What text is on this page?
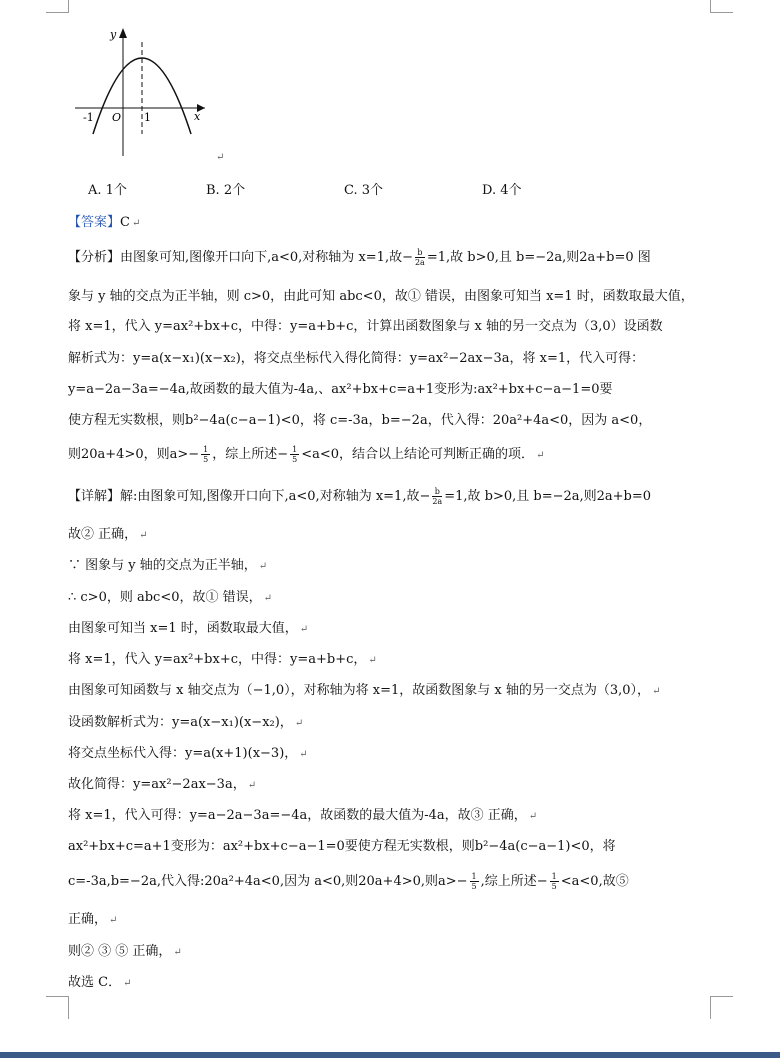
y
x
O
-1	1
↵
A. 1个	B. 2个	C. 3个	D. 4个
【答案】C ↵
【分析】由图象可知,图像开口向下,a<0,对称轴为 x=1,故− $\frac{b}{2a} =1$,故 b>0,且 b=−2a,则2a+b=0 图
象与 y 轴的交点为正半轴，则 c>0，由此可知 abc<0，故① 错误，由图象可知当 x=1 时，函数取最大值，
将 x=1，代入 y=ax²+bx+c，中得：y=a+b+c，计算出函数图象与 x 轴的另一交点为（3,0）设函数
解析式为：y=a(x−x₁)(x−x₂)，将交点坐标代入得化简得：y=ax²−2ax−3a，将 x=1，代入可得：
y=a−2a−3a=−4a,故函数的最大值为-4a,、ax²+bx+c=a+1变形为:ax²+bx+c−a−1=0要
使方程无实数根，则b²−4a(c−a−1)<0，将 c=-3a，b=−2a，代入得：20a²+4a<0，因为 a<0，
则20a+4>0，则$a>- \frac{1}{5}$ ，综上所述− $\frac{1}{5} <a<0$，结合以上结论可判断正确的项． ↵
【详解】解:由图象可知,图像开口向下,a<0,对称轴为 x=1,故− $\frac{b}{2a} =1$,故 b>0,且 b=−2a,则2a+b=0
故② 正确， ↵
∵ 图象与 y 轴的交点为正半轴， ↵
∴ c>0，则 abc<0，故① 错误， ↵
由图象可知当 x=1 时，函数取最大值， ↵
将 x=1，代入 y=ax²+bx+c，中得：y=a+b+c， ↵
由图象可知函数与 x 轴交点为（−1,0），对称轴为将 x=1，故函数图象与 x 轴的另一交点为（3,0）， ↵
设函数解析式为：y=a(x−x₁)(x−x₂)， ↵
将交点坐标代入得：y=a(x+1)(x−3)， ↵
故化简得：y=ax²−2ax−3a， ↵
将 x=1，代入可得：y=a−2a−3a=−4a，故函数的最大值为-4a，故③ 正确， ↵
ax²+bx+c=a+1变形为：ax²+bx+c−a−1=0要使方程无实数根，则b²−4a(c−a−1)<0，将
c=-3a,b=−2a,代入得:20a²+4a<0,因为 a<0,则20a+4>0,则$a>- \frac{1}{5}$ ,综上所述− $\frac{1}{5} <a<0$,故⑤
正确， ↵
则② ③ ⑤ 正确， ↵
故选 C． ↵
